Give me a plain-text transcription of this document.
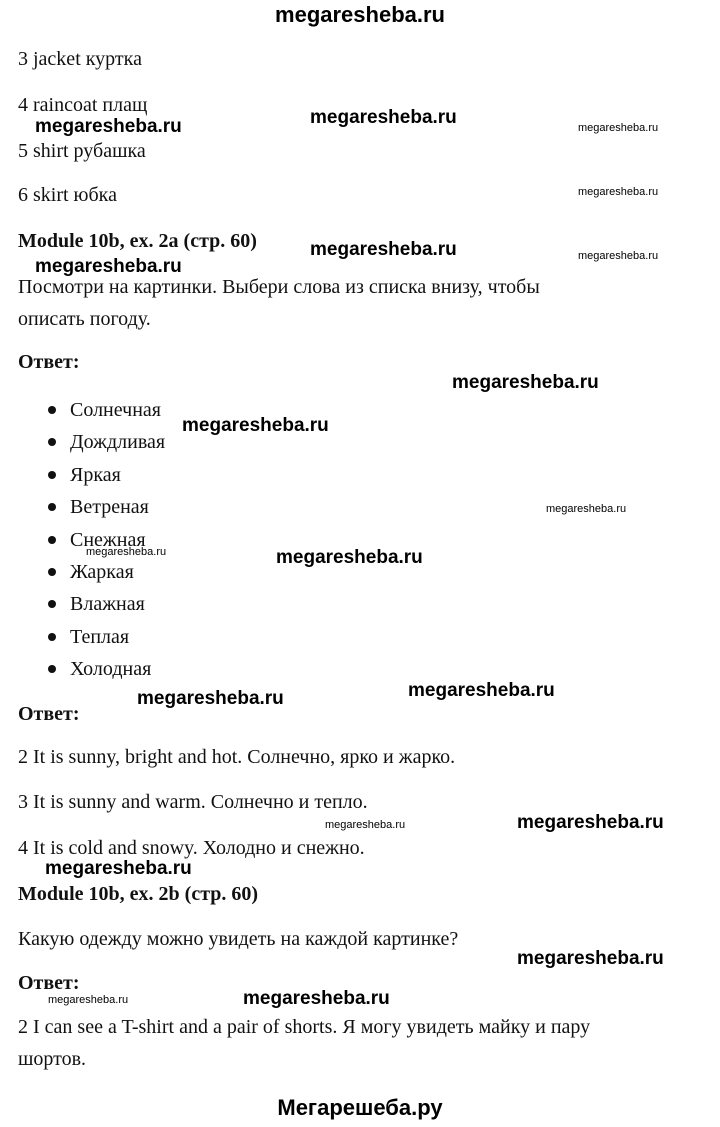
megaresheba.ru
3 jacket куртка
4 raincoat плащ
5 shirt рубашка
6 skirt юбка
Module 10b, ex. 2a (стр. 60)
Посмотри на картинки. Выбери слова из списка внизу, чтобы
описать погоду.
Ответ:
Солнечная
Дождливая
Яркая
Ветреная
Снежная
Жаркая
Влажная
Теплая
Холодная
Ответ:
2 It is sunny, bright and hot. Солнечно, ярко и жарко.
3 It is sunny and warm. Солнечно и тепло.
4 It is cold and snowy. Холодно и снежно.
Module 10b, ex. 2b (стр. 60)
Какую одежду можно увидеть на каждой картинке?
Ответ:
2 I can see a T-shirt and a pair of shorts. Я могу увидеть майку и пару
шортов.
Мегарешеба.ру
megaresheba.ru	megaresheba.ru	megaresheba.ru
megaresheba.ru
megaresheba.ru	megaresheba.ru
megaresheba.ru
megaresheba.ru
megaresheba.ru
megaresheba.ru
megaresheba.ru	megaresheba.ru
megaresheba.ru
megaresheba.ru
megaresheba.ru	megaresheba.ru
megaresheba.ru
megaresheba.ru
megaresheba.ru	megaresheba.ru
